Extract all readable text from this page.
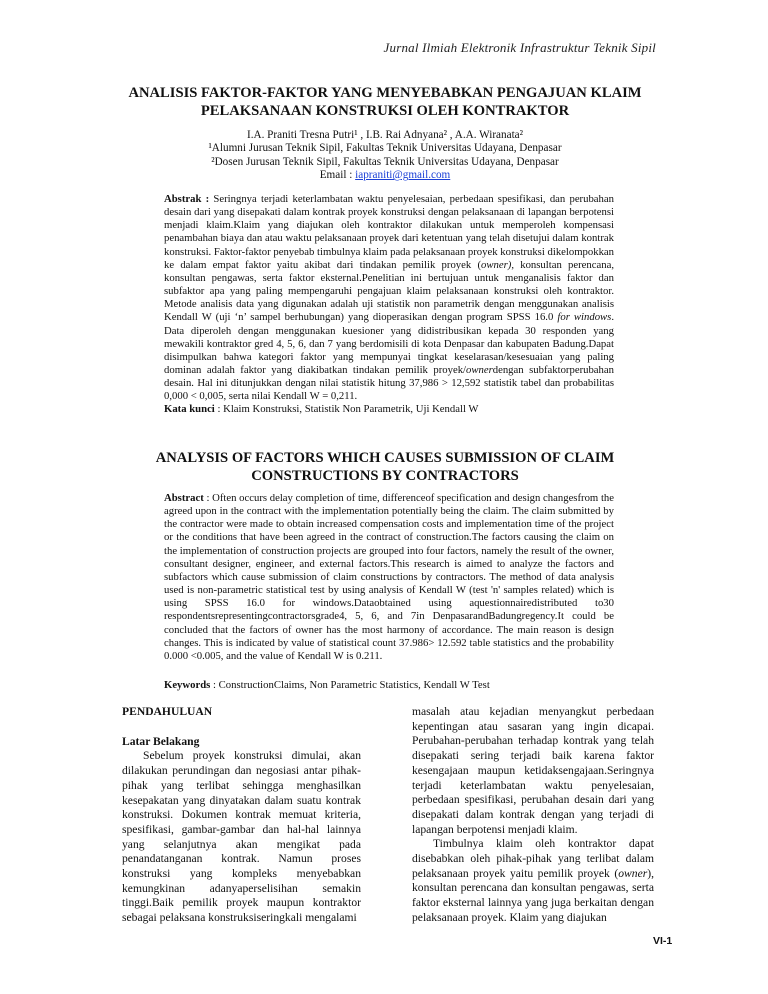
Jurnal Ilmiah Elektronik Infrastruktur Teknik Sipil
ANALISIS FAKTOR-FAKTOR YANG MENYEBABKAN PENGAJUAN KLAIM
PELAKSANAAN KONSTRUKSI OLEH KONTRAKTOR
I.A. Praniti Tresna Putri¹ , I.B. Rai Adnyana² , A.A. Wiranata²
¹Alumni Jurusan Teknik Sipil, Fakultas Teknik Universitas Udayana, Denpasar
²Dosen Jurusan Teknik Sipil, Fakultas Teknik Universitas Udayana, Denpasar
Email : iapraniti@gmail.com

Abstrak : Seringnya terjadi keterlambatan waktu penyelesaian, perbedaan spesifikasi, dan perubahan desain dari yang disepakati dalam kontrak proyek konstruksi dengan pelaksanaan di lapangan berpotensi menjadi klaim.Klaim yang diajukan oleh kontraktor dilakukan untuk memperoleh kompensasi penambahan biaya dan atau waktu pelaksanaan proyek dari ketentuan yang telah disetujui dalam kontrak konstruksi. Faktor-faktor penyebab timbulnya klaim pada pelaksanaan proyek konstruksi dikelompokkan ke dalam empat faktor yaitu akibat dari tindakan pemilik proyek (owner), konsultan perencana, konsultan pengawas, serta faktor eksternal.Penelitian ini bertujuan untuk menganalisis faktor dan subfaktor apa yang paling mempengaruhi pengajuan klaim pelaksanaan konstruksi oleh kontraktor. Metode analisis data yang digunakan adalah uji statistik non parametrik dengan menggunakan analisis Kendall W (uji ‘n’ sampel berhubungan) yang dioperasikan dengan program SPSS 16.0 for windows. Data diperoleh dengan menggunakan kuesioner yang didistribusikan kepada 30 responden yang mewakili kontraktor gred 4, 5, 6, dan 7 yang berdomisili di kota Denpasar dan kabupaten Badung.Dapat disimpulkan bahwa kategori faktor yang mempunyai tingkat keselarasan/kesesuaian yang paling dominan adalah faktor yang diakibatkan tindakan pemilik proyek/ownerdengan subfaktorperubahan desain. Hal ini ditunjukkan dengan nilai statistik hitung 37,986 > 12,592 statistik tabel dan probabilitas 0,000 < 0,005, serta nilai Kendall W = 0,211.

Kata kunci : Klaim Konstruksi, Statistik Non Parametrik, Uji Kendall W

ANALYSIS OF FACTORS WHICH CAUSES SUBMISSION OF CLAIM
CONSTRUCTIONS BY CONTRACTORS

Abstract : Often occurs delay completion of time, differenceof specification and design changesfrom the agreed upon in the contract with the implementation potentially being the claim. The claim submitted by the contractor were made to obtain increased compensation costs and implementation time of the project or the conditions that have been agreed in the contract of construction.The factors causing the claim on the implementation of construction projects are grouped into four factors, namely the result of the owner, consultant designer, engineer, and external factors.This research is aimed to analyze the factors and subfactors which cause submission of claim constructions by contractors. The method of data analysis used is non-parametric statistical test by using analysis of Kendall W (test 'n' samples related) which is using SPSS 16.0 for windows.Dataobtained using aquestionnairedistributed to30 respondentsrepresentingcontractorsgrade4, 5, 6, and 7in DenpasarandBadungregency.It could be concluded that the factors of owner has the most harmony of accordance. The main reason is design changes. This is indicated by value of statistical count 37.986> 12.592 table statistics and the probability 0.000 <0.005, and the value of Kendall W is 0.211.

Keywords : ConstructionClaims, Non Parametric Statistics, Kendall W Test

PENDAHULUAN
Latar Belakang

Sebelum proyek konstruksi dimulai, akan dilakukan perundingan dan negosiasi antar pihak-pihak yang terlibat sehingga menghasilkan kesepakatan yang dinyatakan dalam suatu kontrak konstruksi. Dokumen kontrak memuat kriteria, spesifikasi, gambar-gambar dan hal-hal lainnya yang selanjutnya akan mengikat pada penandatanganan kontrak. Namun proses konstruksi yang kompleks menyebabkan kemungkinan adanyaperselisihan semakin tinggi.Baik pemilik proyek maupun kontraktor sebagai pelaksana konstruksiseringkali mengalami

masalah atau kejadian menyangkut perbedaan kepentingan atau sasaran yang ingin dicapai. Perubahan-perubahan terhadap kontrak yang telah disepakati sering terjadi baik karena faktor kesengajaan maupun ketidaksengajaan.Seringnya terjadi keterlambatan waktu penyelesaian, perbedaan spesifikasi, perubahan desain dari yang disepakati dalam kontrak dengan yang terjadi di lapangan berpotensi menjadi klaim.

Timbulnya klaim oleh kontraktor dapat disebabkan oleh pihak-pihak yang terlibat dalam pelaksanaan proyek yaitu pemilik proyek (owner), konsultan perencana dan konsultan pengawas, serta faktor eksternal lainnya yang juga berkaitan dengan pelaksanaan proyek. Klaim yang diajukan

VI-1
